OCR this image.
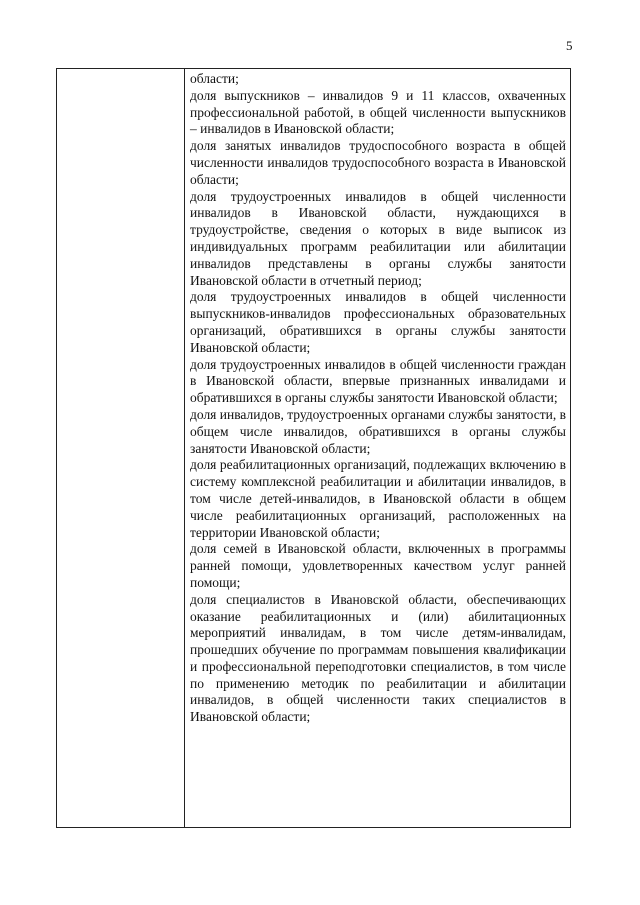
5

области;

доля выпускников – инвалидов 9 и 11 классов, охваченных профессиональной работой, в общей численности выпускников – инвалидов в Ивановской области;

доля занятых инвалидов трудоспособного возраста в общей численности инвалидов трудоспособного возраста в Ивановской области;

доля трудоустроенных инвалидов в общей численности инвалидов в Ивановской области, нуждающихся в трудоустройстве, сведения о которых в виде выписок из индивидуальных программ реабилитации или абилитации инвалидов представлены в органы службы занятости Ивановской области в отчетный период;

доля трудоустроенных инвалидов в общей численности выпускников-инвалидов профессиональных образовательных организаций, обратившихся в органы службы занятости Ивановской области;

доля трудоустроенных инвалидов в общей численности граждан в Ивановской области, впервые признанных инвалидами и обратившихся в органы службы занятости Ивановской области;

доля инвалидов, трудоустроенных органами службы занятости, в общем числе инвалидов, обратившихся в органы службы занятости Ивановской области;

доля реабилитационных организаций, подлежащих включению в систему комплексной реабилитации и абилитации инвалидов, в том числе детей-инвалидов, в Ивановской области в общем числе реабилитационных организаций, расположенных на территории Ивановской области;

доля семей в Ивановской области, включенных в программы ранней помощи, удовлетворенных качеством услуг ранней помощи;

доля специалистов в Ивановской области, обеспечивающих оказание реабилитационных и (или) абилитационных мероприятий инвалидам, в том числе детям-инвалидам, прошедших обучение по программам повышения квалификации и профессиональной переподготовки специалистов, в том числе по применению методик по реабилитации и абилитации инвалидов, в общей численности таких специалистов в Ивановской области;
